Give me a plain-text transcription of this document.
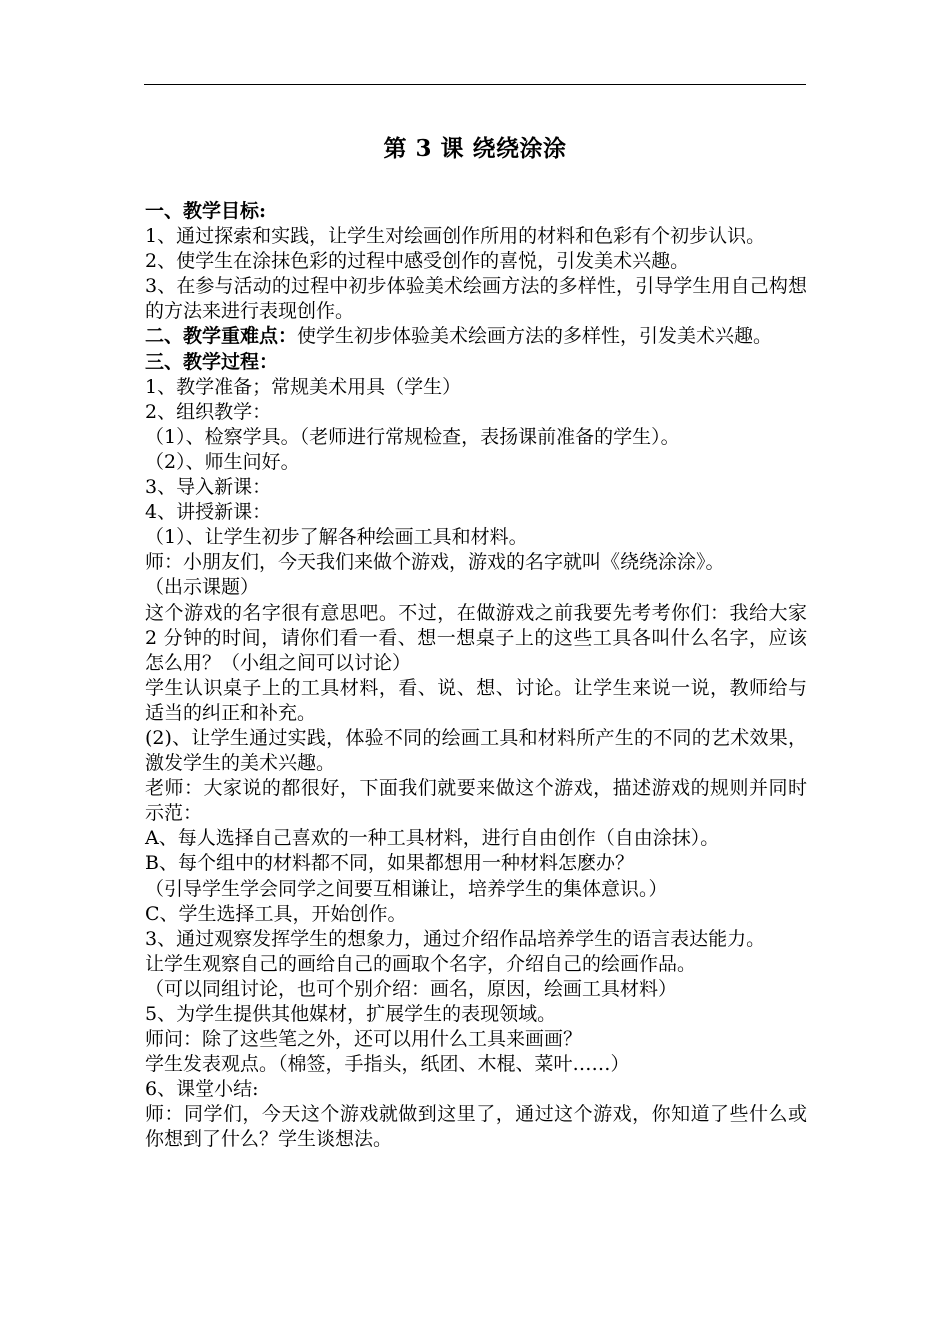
第 3 课 绕绕涂涂

一、教学目标:

1、通过探索和实践，让学生对绘画创作所用的材料和色彩有个初步认识。

2、使学生在涂抹色彩的过程中感受创作的喜悦，引发美术兴趣。

3、在参与活动的过程中初步体验美术绘画方法的多样性，引导学生用自己构想的方法来进行表现创作。

二、教学重难点：使学生初步体验美术绘画方法的多样性，引发美术兴趣。

三、教学过程：

1、教学准备；常规美术用具（学生）

2、组织教学：

（1）、检察学具。（老师进行常规检查，表扬课前准备的学生）。

（2）、师生问好。

3、导入新课：

4、讲授新课：

（1）、让学生初步了解各种绘画工具和材料。

师：小朋友们，今天我们来做个游戏，游戏的名字就叫《绕绕涂涂》。

（出示课题）

这个游戏的名字很有意思吧。不过，在做游戏之前我要先考考你们：我给大家 2 分钟的时间，请你们看一看、想一想桌子上的这些工具各叫什么名字，应该怎么用？（小组之间可以讨论）

学生认识桌子上的工具材料，看、说、想、讨论。让学生来说一说，教师给与适当的纠正和补充。

(2)、让学生通过实践，体验不同的绘画工具和材料所产生的不同的艺术效果，激发学生的美术兴趣。

老师：大家说的都很好，下面我们就要来做这个游戏，描述游戏的规则并同时示范：

A、每人选择自己喜欢的一种工具材料，进行自由创作（自由涂抹）。

B、每个组中的材料都不同，如果都想用一种材料怎麽办？

（引导学生学会同学之间要互相谦让，培养学生的集体意识。）

C、学生选择工具，开始创作。

3、通过观察发挥学生的想象力，通过介绍作品培养学生的语言表达能力。

让学生观察自己的画给自己的画取个名字，介绍自己的绘画作品。

（可以同组讨论，也可个别介绍：画名，原因，绘画工具材料）

5、为学生提供其他媒材，扩展学生的表现领域。

师问：除了这些笔之外，还可以用什么工具来画画？

学生发表观点。（棉签，手指头，纸团、木棍、菜叶……）

6、课堂小结:

师：同学们，今天这个游戏就做到这里了，通过这个游戏，你知道了些什么或你想到了什么？学生谈想法。
